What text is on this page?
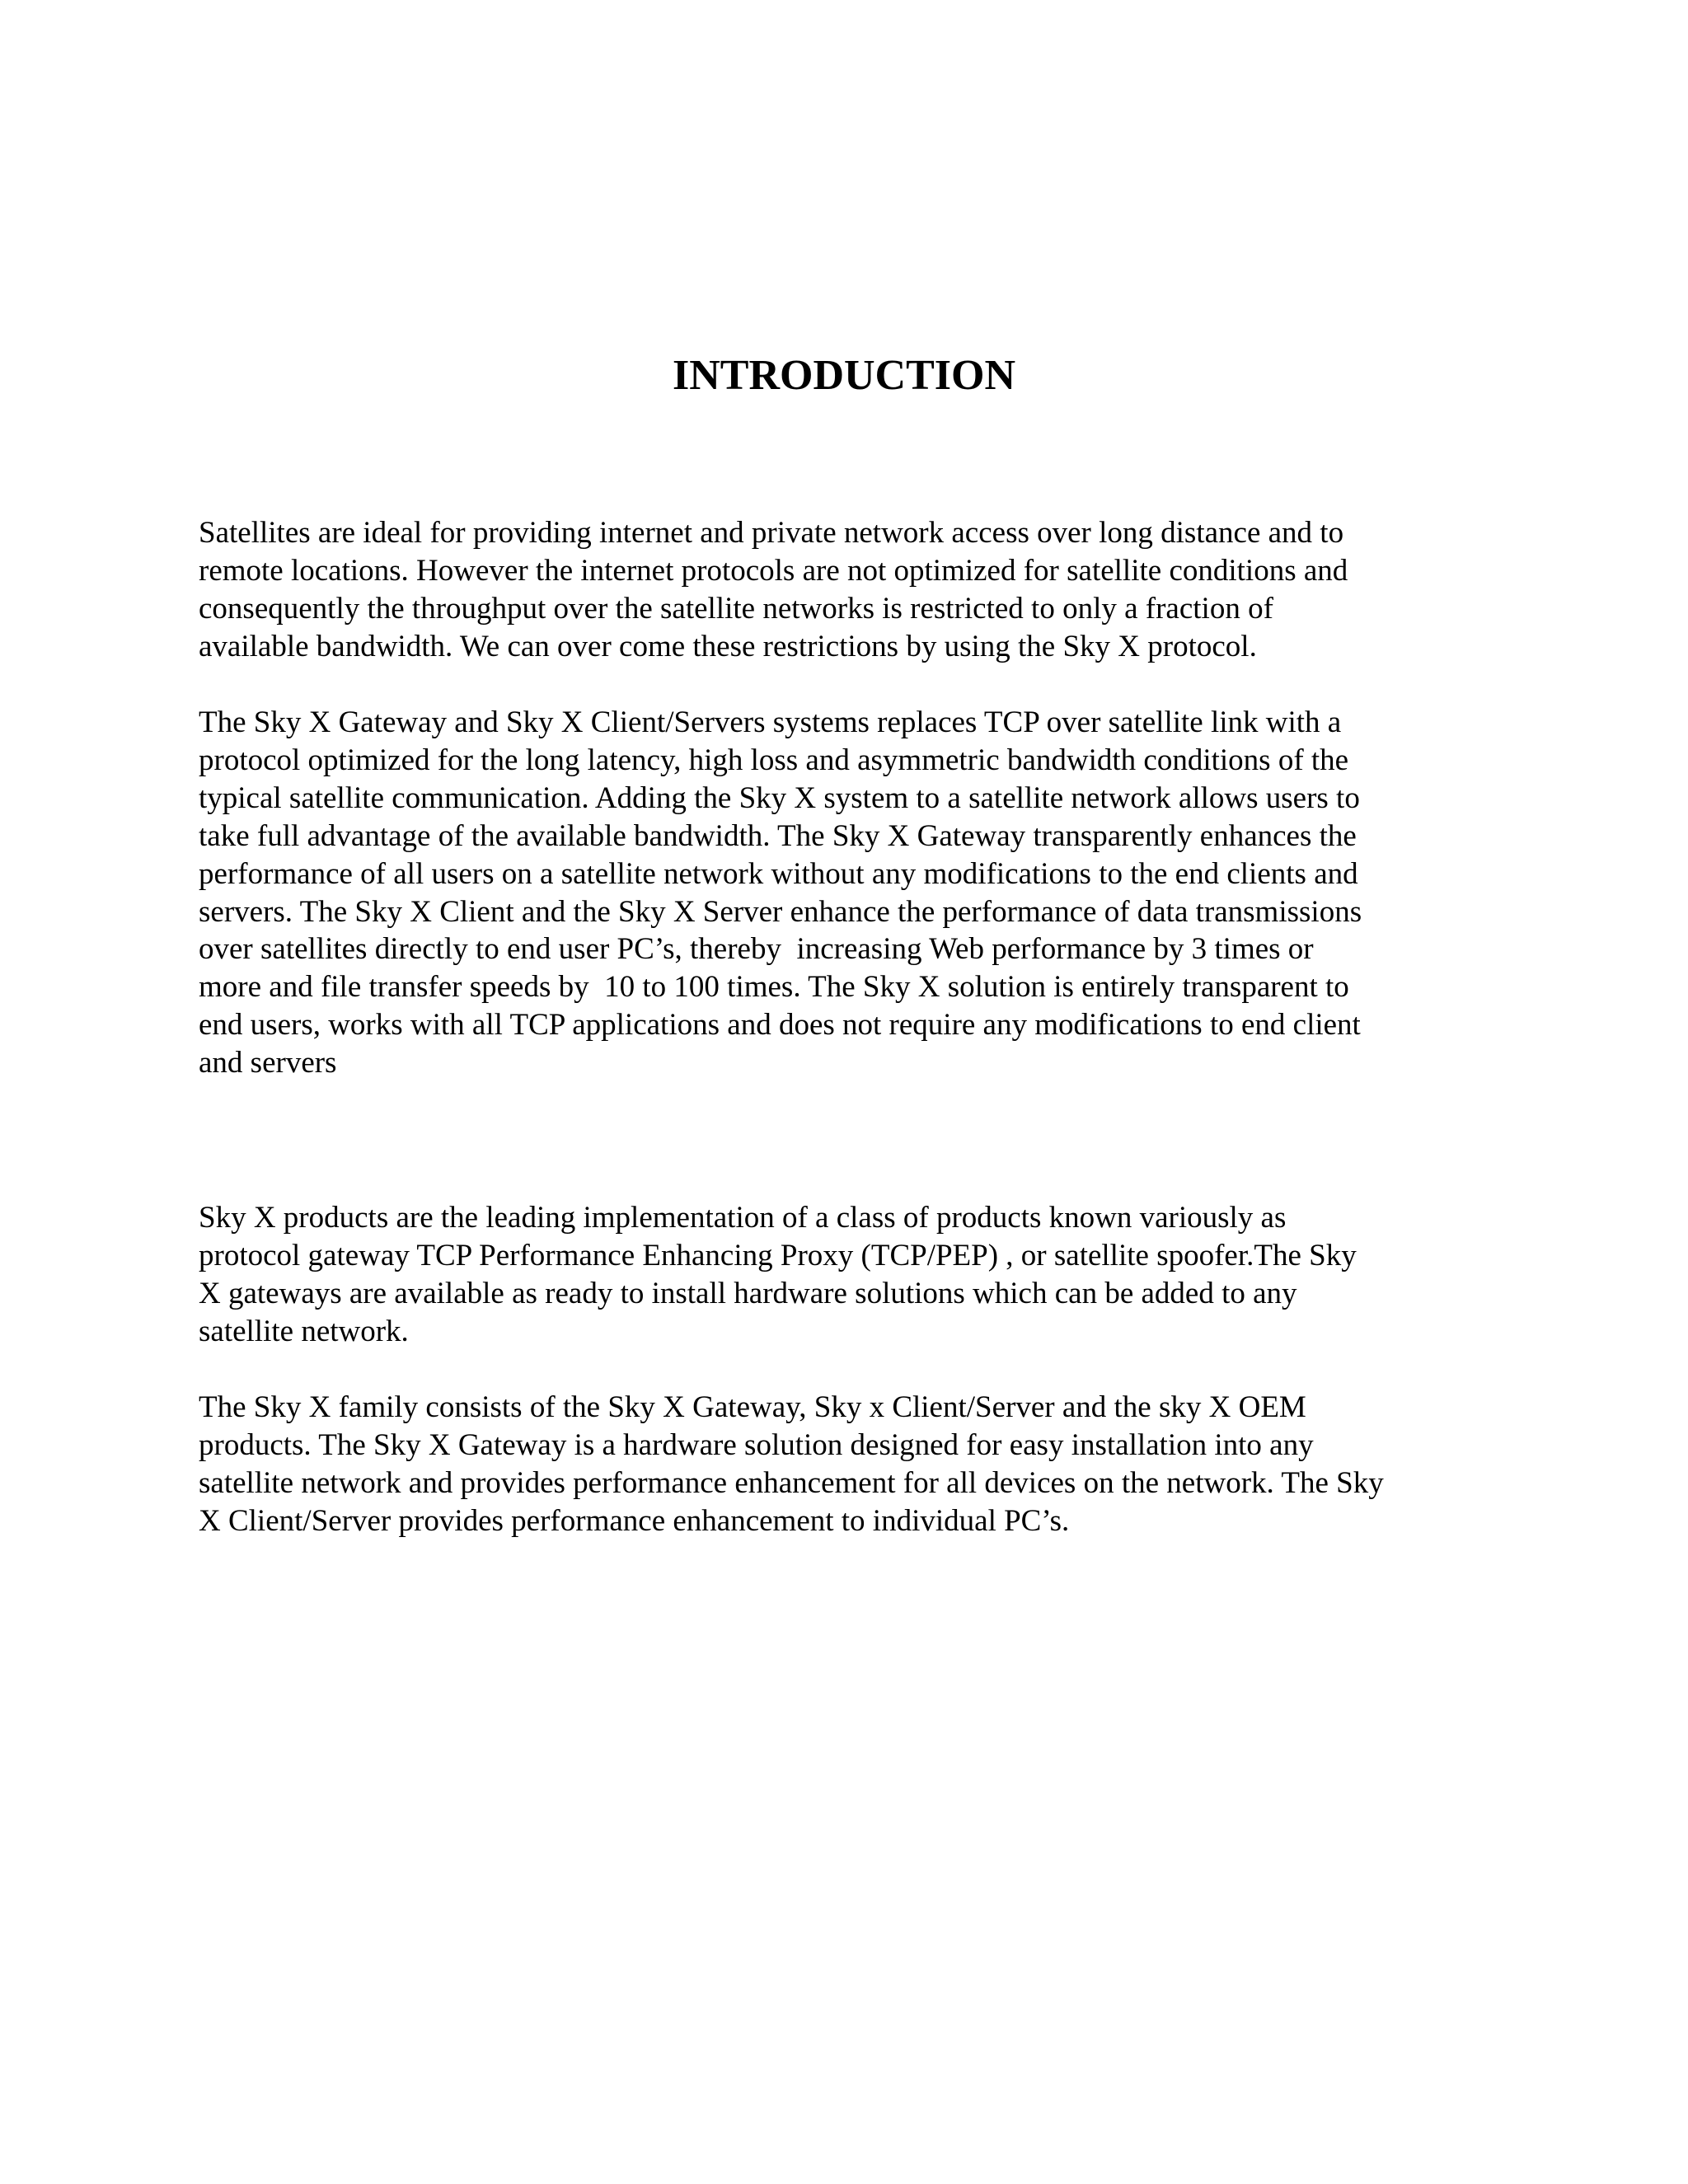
INTRODUCTION

Satellites are ideal for providing internet and private network access over long distance and to
remote locations. However the internet protocols are not optimized for satellite conditions and
consequently the throughput over the satellite networks is restricted to only a fraction of
available bandwidth. We can over come these restrictions by using the Sky X protocol.

The Sky X Gateway and Sky X Client/Servers systems replaces TCP over satellite link with a
protocol optimized for the long latency, high loss and asymmetric bandwidth conditions of the
typical satellite communication. Adding the Sky X system to a satellite network allows users to
take full advantage of the available bandwidth. The Sky X Gateway transparently enhances the
performance of all users on a satellite network without any modifications to the end clients and
servers. The Sky X Client and the Sky X Server enhance the performance of data transmissions
over satellites directly to end user PC’s, thereby  increasing Web performance by 3 times or
more and file transfer speeds by  10 to 100 times. The Sky X solution is entirely transparent to
end users, works with all TCP applications and does not require any modifications to end client
and servers

Sky X products are the leading implementation of a class of products known variously as
protocol gateway TCP Performance Enhancing Proxy (TCP/PEP) , or satellite spoofer.The Sky
X gateways are available as ready to install hardware solutions which can be added to any
satellite network.

The Sky X family consists of the Sky X Gateway, Sky x Client/Server and the sky X OEM
products. The Sky X Gateway is a hardware solution designed for easy installation into any
satellite network and provides performance enhancement for all devices on the network. The Sky
X Client/Server provides performance enhancement to individual PC’s.
